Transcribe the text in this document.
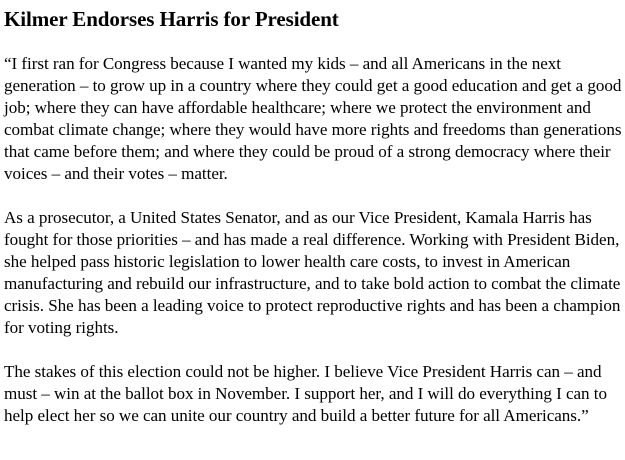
Kilmer Endorses Harris for President

“I first ran for Congress because I wanted my kids – and all Americans in the next generation – to grow up in a country where they could get a good education and get a good job; where they can have affordable healthcare; where we protect the environment and combat climate change; where they would have more rights and freedoms than generations that came before them; and where they could be proud of a strong democracy where their voices – and their votes – matter.

As a prosecutor, a United States Senator, and as our Vice President, Kamala Harris has fought for those priorities – and has made a real difference. Working with President Biden, she helped pass historic legislation to lower health care costs, to invest in American manufacturing and rebuild our infrastructure, and to take bold action to combat the climate crisis. She has been a leading voice to protect reproductive rights and has been a champion for voting rights.

The stakes of this election could not be higher. I believe Vice President Harris can – and must – win at the ballot box in November. I support her, and I will do everything I can to help elect her so we can unite our country and build a better future for all Americans.”
